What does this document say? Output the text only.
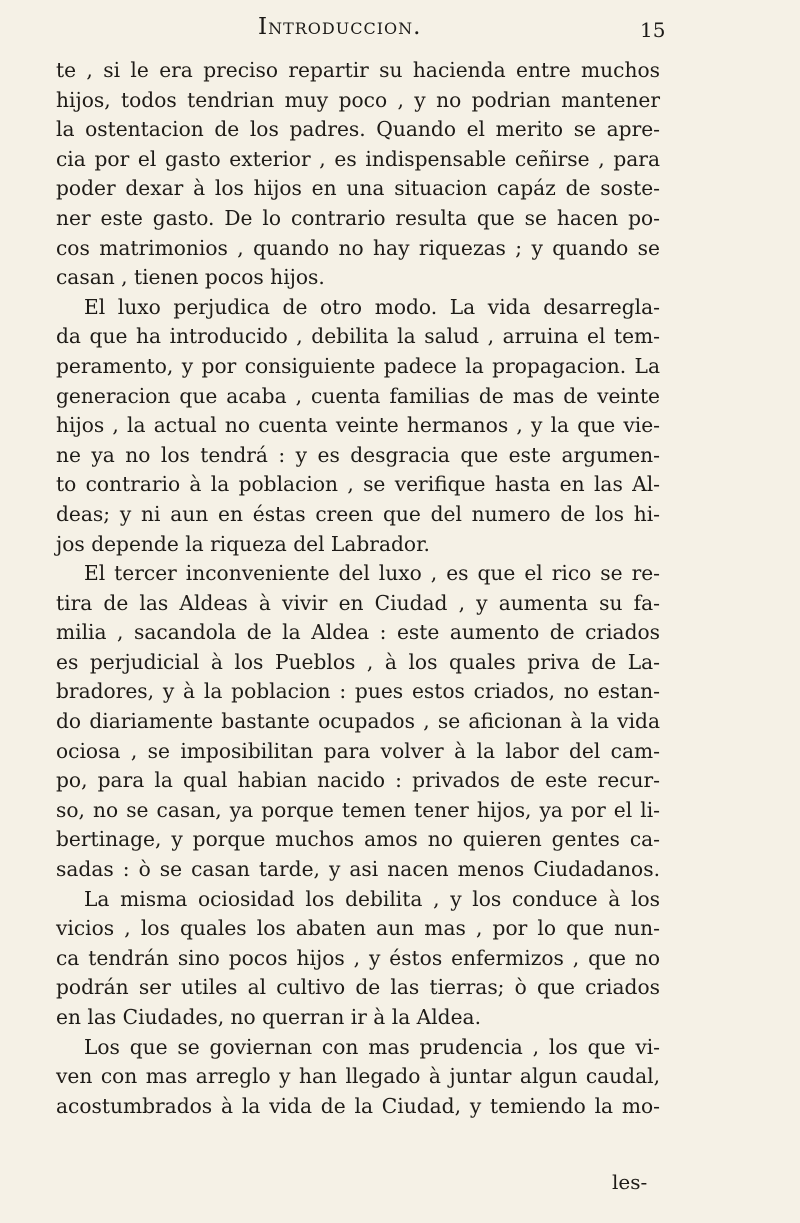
Introduccion.	15
te , si le era preciso repartir su hacienda entre muchos
hijos, todos tendrian muy poco , y no podrian mantener
la ostentacion de los padres. Quando el merito se apre-
cia por el gasto exterior , es indispensable ceñirse , para
poder dexar à los hijos en una situacion capáz de soste-
ner este gasto. De lo contrario resulta que se hacen po-
cos matrimonios , quando no hay riquezas ; y quando se
casan , tienen pocos hijos.
El luxo perjudica de otro modo. La vida desarregla-
da que ha introducido , debilita la salud , arruina el tem-
peramento, y por consiguiente padece la propagacion. La
generacion que acaba , cuenta familias de mas de veinte
hijos , la actual no cuenta veinte hermanos , y la que vie-
ne ya no los tendrá : y es desgracia que este argumen-
to contrario à la poblacion , se verifique hasta en las Al-
deas; y ni aun en éstas creen que del numero de los hi-
jos depende la riqueza del Labrador.
El tercer inconveniente del luxo , es que el rico se re-
tira de las Aldeas à vivir en Ciudad , y aumenta su fa-
milia , sacandola de la Aldea : este aumento de criados
es perjudicial à los Pueblos , à los quales priva de La-
bradores, y à la poblacion : pues estos criados, no estan-
do diariamente bastante ocupados , se aficionan à la vida
ociosa , se imposibilitan para volver à la labor del cam-
po, para la qual habian nacido : privados de este recur-
so, no se casan, ya porque temen tener hijos, ya por el li-
bertinage, y porque muchos amos no quieren gentes ca-
sadas : ò se casan tarde, y asi nacen menos Ciudadanos.
La misma ociosidad los debilita , y los conduce à los
vicios , los quales los abaten aun mas , por lo que nun-
ca tendrán sino pocos hijos , y éstos enfermizos , que no
podrán ser utiles al cultivo de las tierras; ò que criados
en las Ciudades, no querran ir à la Aldea.
Los que se goviernan con mas prudencia , los que vi-
ven con mas arreglo y han llegado à juntar algun caudal,
acostumbrados à la vida de la Ciudad, y temiendo la mo-
les-
